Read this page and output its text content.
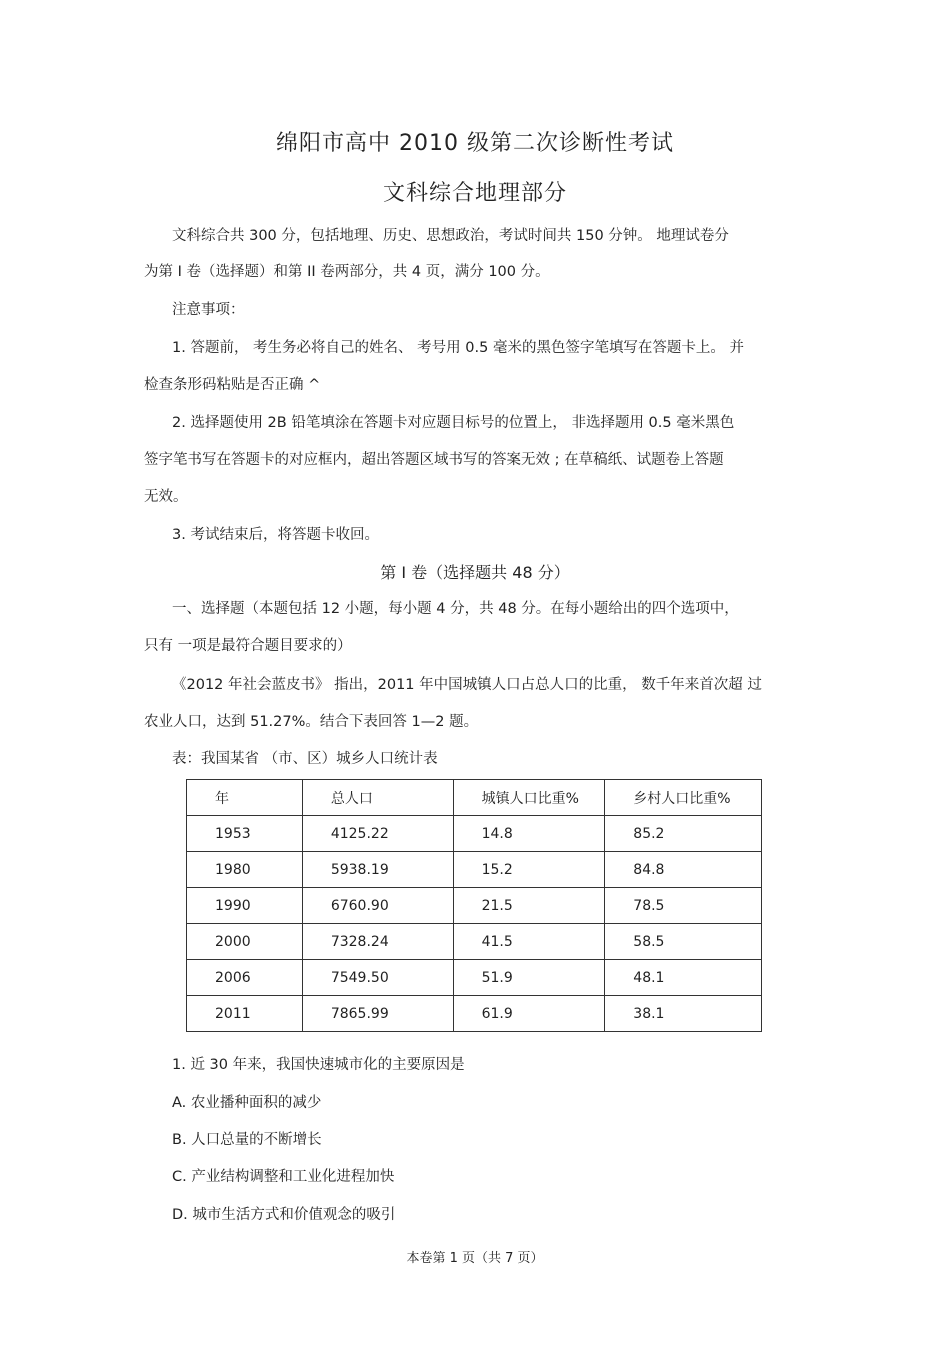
绵阳市高中 2010 级第二次诊断性考试
文科综合地理部分
文科综合共 300 分，包括地理、历史、思想政治，考试时间共 150 分钟。 地理试卷分
为第 I 卷（选择题）和第 II 卷两部分，共 4 页，满分 100 分。
注意事项：
1. 答题前， 考生务必将自己的姓名、 考号用 0.5 毫米的黑色签字笔填写在答题卡上。 并
检查条形码粘贴是否正确 ^
2. 选择题使用 2B 铅笔填涂在答题卡对应题目标号的位置上， 非选择题用 0.5 毫米黑色
签字笔书写在答题卡的对应框内，超出答题区域书写的答案无效 ; 在草稿纸、试题卷上答题
无效。
3. 考试结束后，将答题卡收回。
第 I 卷（选择题共 48 分）
一、选择题（本题包括 12 小题，每小题 4 分，共 48 分。在每小题给出的四个选项中，
只有 一项是最符合题目要求的）
《2012 年社会蓝皮书》 指出，2011 年中国城镇人口占总人口的比重， 数千年来首次超 过
农业人口，达到 51.27%。结合下表回答 1—2 题。
表：我国某省 （市、区）城乡人口统计表
年	总人口	城镇人口比重%	乡村人口比重%
1953	4125.22	14.8	85.2
1980	5938.19	15.2	84.8
1990	6760.90	21.5	78.5
2000	7328.24	41.5	58.5
2006	7549.50	51.9	48.1
2011	7865.99	61.9	38.1
1. 近 30 年来，我国快速城市化的主要原因是
A. 农业播种面积的减少
B. 人口总量的不断增长
C. 产业结构调整和工业化进程加快
D. 城市生活方式和价值观念的吸引
本卷第 1 页（共 7 页）
